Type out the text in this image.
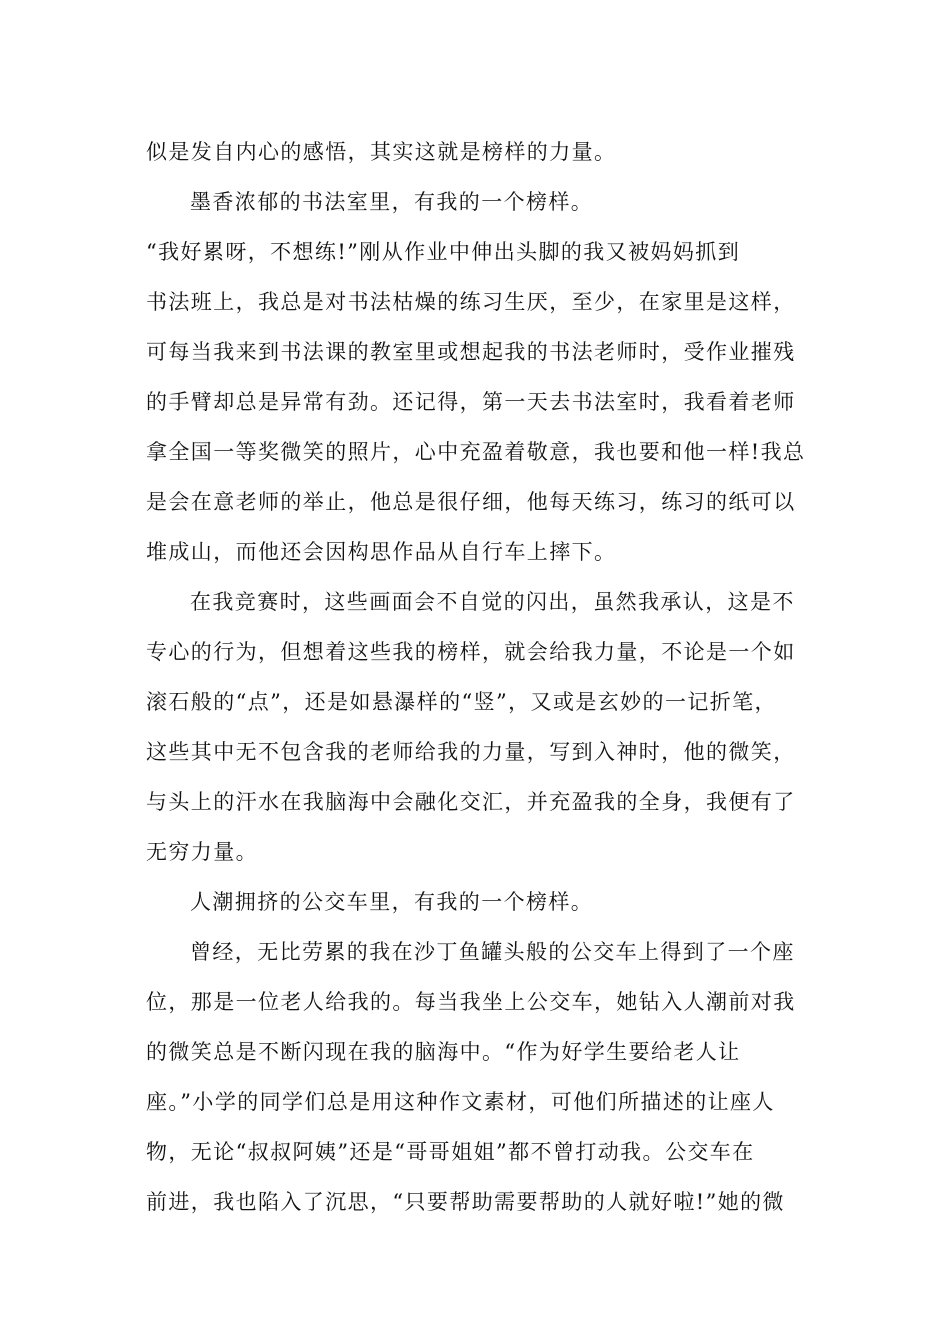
似是发自内心的感悟，其实这就是榜样的力量。
墨香浓郁的书法室里，有我的一个榜样。
“我好累呀，不想练!”刚从作业中伸出头脚的我又被妈妈抓到
书法班上，我总是对书法枯燥的练习生厌，至少，在家里是这样，
可每当我来到书法课的教室里或想起我的书法老师时，受作业摧残
的手臂却总是异常有劲。还记得，第一天去书法室时，我看着老师
拿全国一等奖微笑的照片，心中充盈着敬意，我也要和他一样!我总
是会在意老师的举止，他总是很仔细，他每天练习，练习的纸可以
堆成山，而他还会因构思作品从自行车上摔下。
在我竞赛时，这些画面会不自觉的闪出，虽然我承认，这是不
专心的行为，但想着这些我的榜样，就会给我力量，不论是一个如
滚石般的“点”，还是如悬瀑样的“竖”，又或是玄妙的一记折笔，
这些其中无不包含我的老师给我的力量，写到入神时，他的微笑，
与头上的汗水在我脑海中会融化交汇，并充盈我的全身，我便有了
无穷力量。
人潮拥挤的公交车里，有我的一个榜样。
曾经，无比劳累的我在沙丁鱼罐头般的公交车上得到了一个座
位，那是一位老人给我的。每当我坐上公交车，她钻入人潮前对我
的微笑总是不断闪现在我的脑海中。“作为好学生要给老人让
座。”小学的同学们总是用这种作文素材，可他们所描述的让座人
物，无论“叔叔阿姨”还是“哥哥姐姐”都不曾打动我。公交车在
前进，我也陷入了沉思，“只要帮助需要帮助的人就好啦!”她的微
